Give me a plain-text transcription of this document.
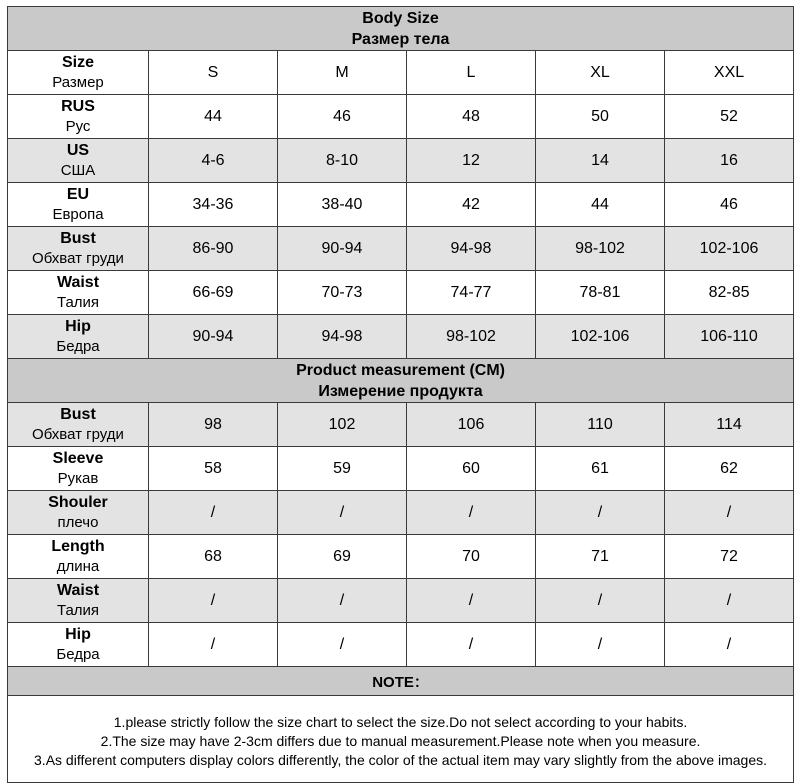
Body Size
Размер тела					

Size
Размер	S	M	L	XL	XXL

RUS
Рус	44	46	48	50	52

US
США	4-6	8-10	12	14	16

EU
Европа	34-36	38-40	42	44	46

Bust
Обхват груди	86-90	90-94	94-98	98-102	102-106

Waist
Талия	66-69	70-73	74-77	78-81	82-85

Hip
Бедра	90-94	94-98	98-102	102-106	106-110

Product measurement (CM)
Измерение продукта					

Bust
Обхват груди	98	102	106	110	114

Sleeve
Рукав	58	59	60	61	62

Shouler
плечо	/	/	/	/	/

Length
длина	68	69	70	71	72

Waist
Талия	/	/	/	/	/

Hip
Бедра	/	/	/	/	/
NOTE：					

1.please strictly follow the size chart to select the size.Do not select according to your habits.
2.The size may have 2-3cm differs due to manual measurement.Please note when you measure.
3.As different computers display colors differently, the color of the actual item may vary slightly from the above images.					
